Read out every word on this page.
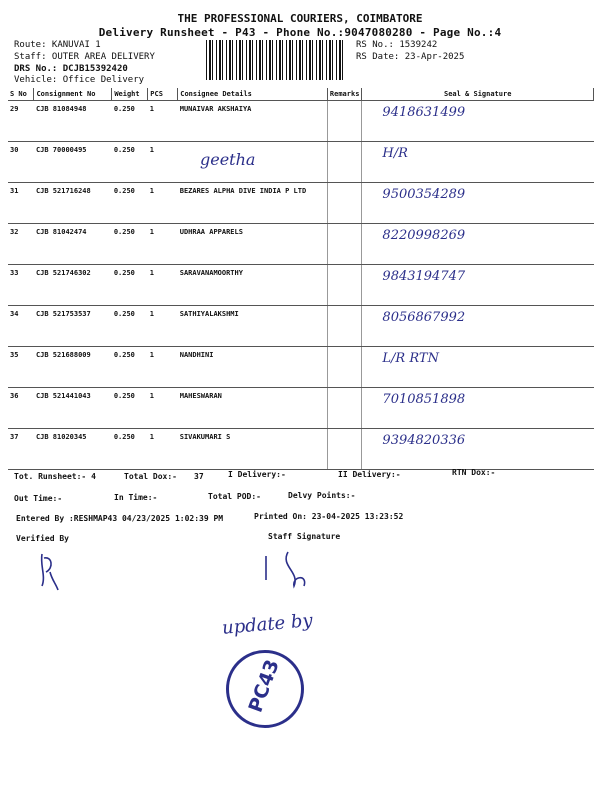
THE PROFESSIONAL COURIERS, COIMBATORE
Delivery Runsheet - P43 - Phone No.:9047080280 - Page No.:4
Route: KANUVAI 1
Staff: OUTER AREA DELIVERY
DRS No.: DCJB15392420
Vehicle: Office Delivery
RS No.: 1539242
RS Date: 23-Apr-2025
S No	Consignment No	Weight	PCS	Consignee Details	Remarks	Seal & Signature
29	CJB 81084948	0.250	1	MUNAIVAR AKSHAIYA		9418631499
30	CJB 70000495	0.250	1			H/R
31	CJB 521716248	0.250	1	BEZARES ALPHA DIVE INDIA P LTD		9500354289
32	CJB 81042474	0.250	1	UDHRAA APPARELS		8220998269
33	CJB 521746302	0.250	1	SARAVANAMOORTHY		9843194747
34	CJB 521753537	0.250	1	SATHIYALAKSHMI		8056867992
35	CJB 521688009	0.250	1	NANDHINI		L/R RTN
36	CJB 521441043	0.250	1	MAHESWARAN		7010851898
37	CJB 81020345	0.250	1	SIVAKUMARI S		9394820336
geetha
Tot. Runsheet:- 4	Total Dox:- 37	I Delivery:-	II Delivery:-	RTN Dox:-
Out Time:-	In Time:-	Total POD:-	Delvy Points:-
Entered By :RESHMAP43 04/23/2025 1:02:39 PM	Printed On: 23-04-2025 13:23:52
Verified By	Staff Signature
update by
PC43
